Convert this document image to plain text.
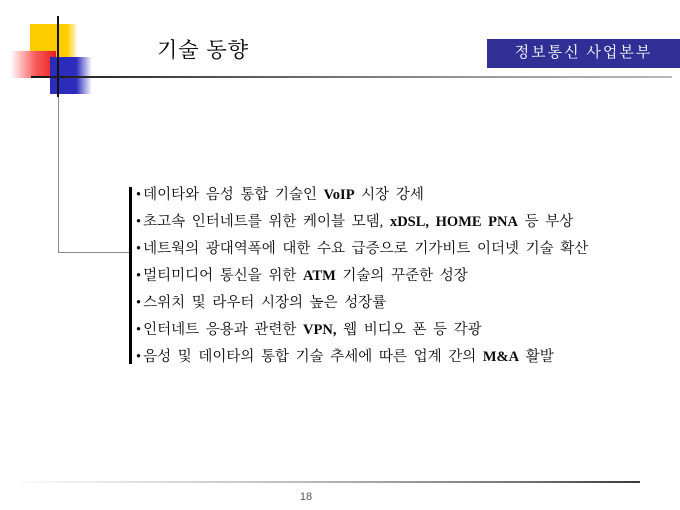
기술 동향	정보통신 사업본부
• 데이타와 음성 통합 기술인 VoIP 시장 강세
• 초고속 인터네트를 위한 케이블 모뎀, xDSL, HOME PNA 등 부상
• 네트웍의 광대역폭에 대한 수요 급증으로 기가비트 이더넷 기술 확산
• 멀티미디어 통신을 위한 ATM 기술의 꾸준한 성장
• 스위치 및 라우터 시장의 높은 성장률
• 인터네트 응용과 관련한 VPN, 웹 비디오 폰 등 각광
• 음성 및 데이타의 통합 기술 추세에 따른 업계 간의 M&A 활발
18
